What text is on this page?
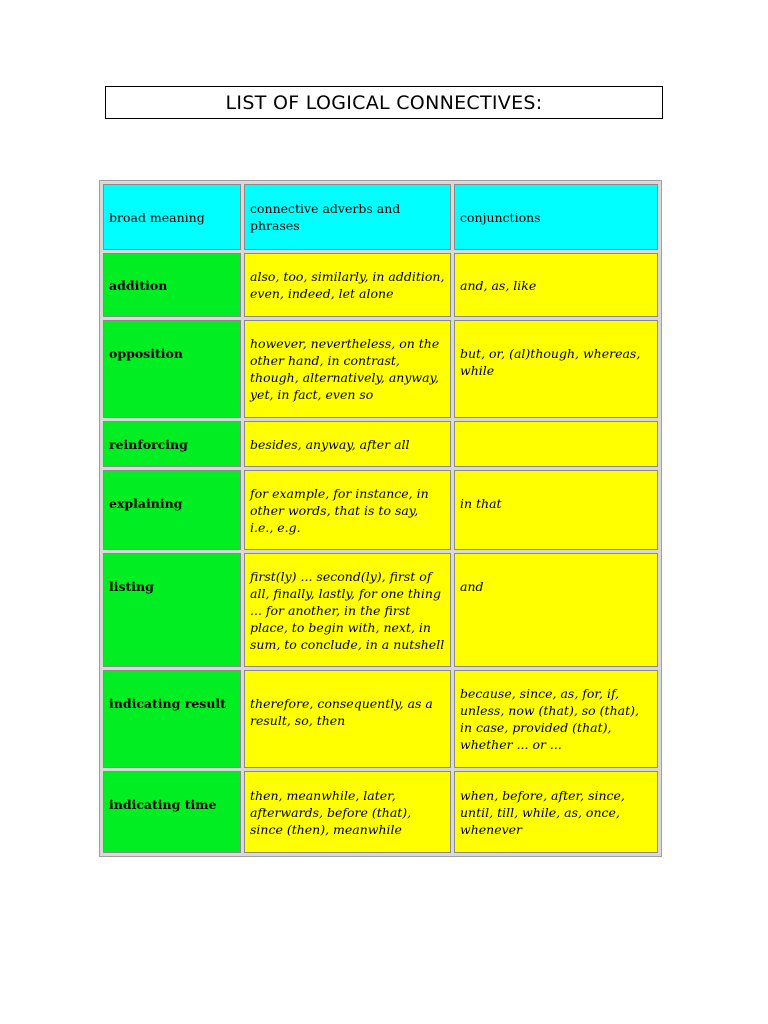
LIST OF LOGICAL CONNECTIVES:
broad meaning	connective adverbs and phrases	conjunctions

addition	also, too, similarly, in addition, even, indeed, let alone	and, as, like

opposition	however, nevertheless, on the other hand, in contrast, though, alternatively, anyway, yet, in fact, even so	but, or, (al)though, whereas, while

reinforcing	besides, anyway, after all	

explaining	for example, for instance, in other words, that is to say, i.e., e.g.	in that

listing	first(ly) ... second(ly), first of all, finally, lastly, for one thing ... for another, in the first place, to begin with, next, in sum, to conclude, in a nutshell	and

indicating result	therefore, consequently, as a result, so, then	because, since, as, for, if, unless, now (that), so (that), in case, provided (that), whether ... or ...

indicating time	then, meanwhile, later, afterwards, before (that), since (then), meanwhile	when, before, after, since, until, till, while, as, once, whenever
